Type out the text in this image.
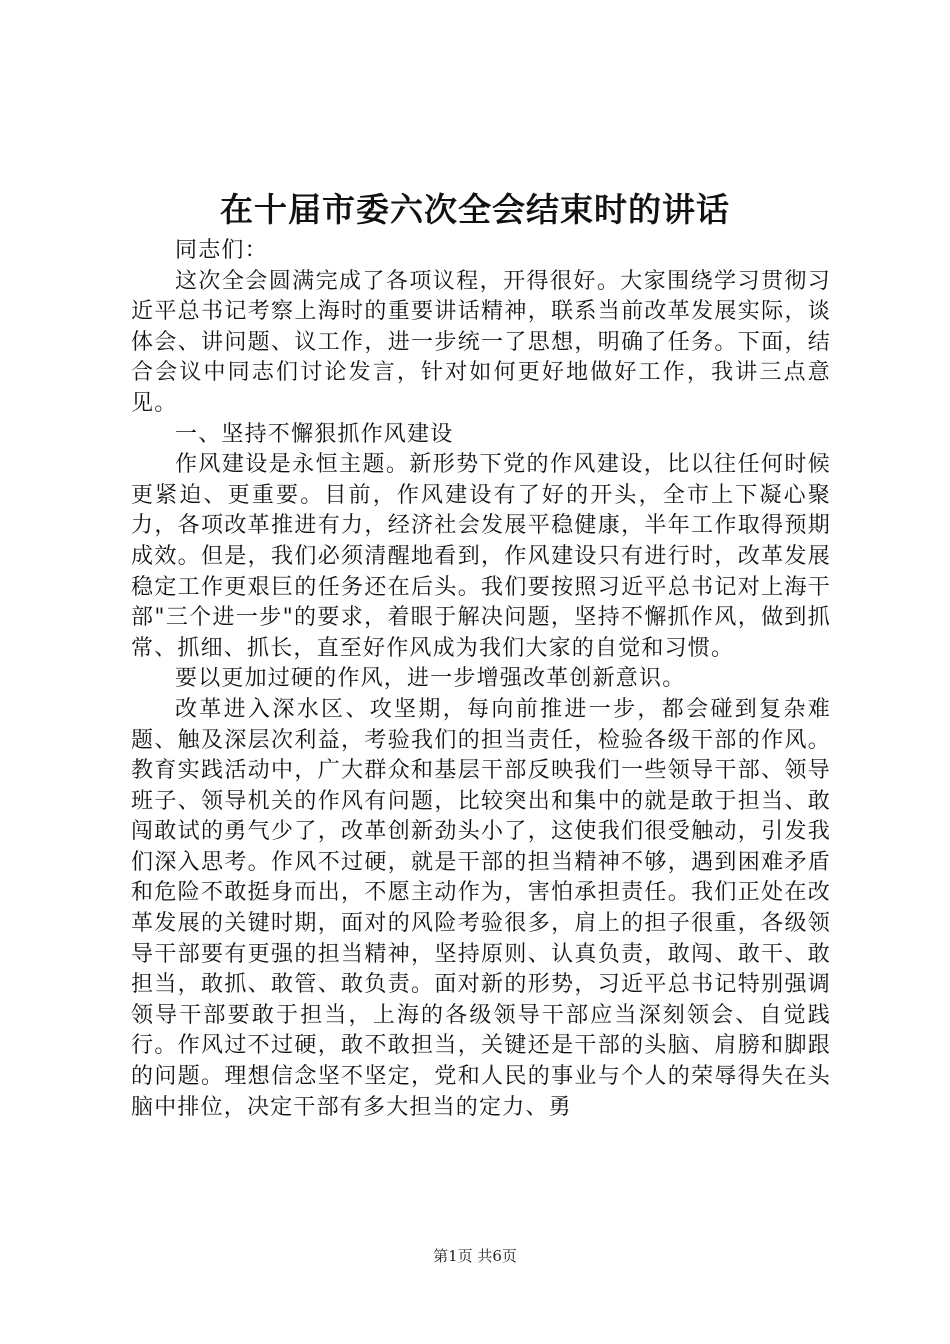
在十届市委六次全会结束时的讲话

同志们：

这次全会圆满完成了各项议程，开得很好。大家围绕学习贯彻习近平总书记考察上海时的重要讲话精神，联系当前改革发展实际，谈体会、讲问题、议工作，进一步统一了思想，明确了任务。下面，结合会议中同志们讨论发言，针对如何更好地做好工作，我讲三点意见。

一、坚持不懈狠抓作风建设

作风建设是永恒主题。新形势下党的作风建设，比以往任何时候更紧迫、更重要。目前，作风建设有了好的开头，全市上下凝心聚力，各项改革推进有力，经济社会发展平稳健康，半年工作取得预期成效。但是，我们必须清醒地看到，作风建设只有进行时，改革发展稳定工作更艰巨的任务还在后头。我们要按照习近平总书记对上海干部"三个进一步"的要求，着眼于解决问题，坚持不懈抓作风，做到抓常、抓细、抓长，直至好作风成为我们大家的自觉和习惯。

要以更加过硬的作风，进一步增强改革创新意识。

改革进入深水区、攻坚期，每向前推进一步，都会碰到复杂难题、触及深层次利益，考验我们的担当责任，检验各级干部的作风。教育实践活动中，广大群众和基层干部反映我们一些领导干部、领导班子、领导机关的作风有问题，比较突出和集中的就是敢于担当、敢闯敢试的勇气少了，改革创新劲头小了，这使我们很受触动，引发我们深入思考。作风不过硬，就是干部的担当精神不够，遇到困难矛盾和危险不敢挺身而出，不愿主动作为，害怕承担责任。我们正处在改革发展的关键时期，面对的风险考验很多，肩上的担子很重，各级领导干部要有更强的担当精神，坚持原则、认真负责，敢闯、敢干、敢担当，敢抓、敢管、敢负责。面对新的形势，习近平总书记特别强调领导干部要敢于担当，上海的各级领导干部应当深刻领会、自觉践行。作风过不过硬，敢不敢担当，关键还是干部的头脑、肩膀和脚跟的问题。理想信念坚不坚定，党和人民的事业与个人的荣辱得失在头脑中排位，决定干部有多大担当的定力、勇

第1页 共6页
